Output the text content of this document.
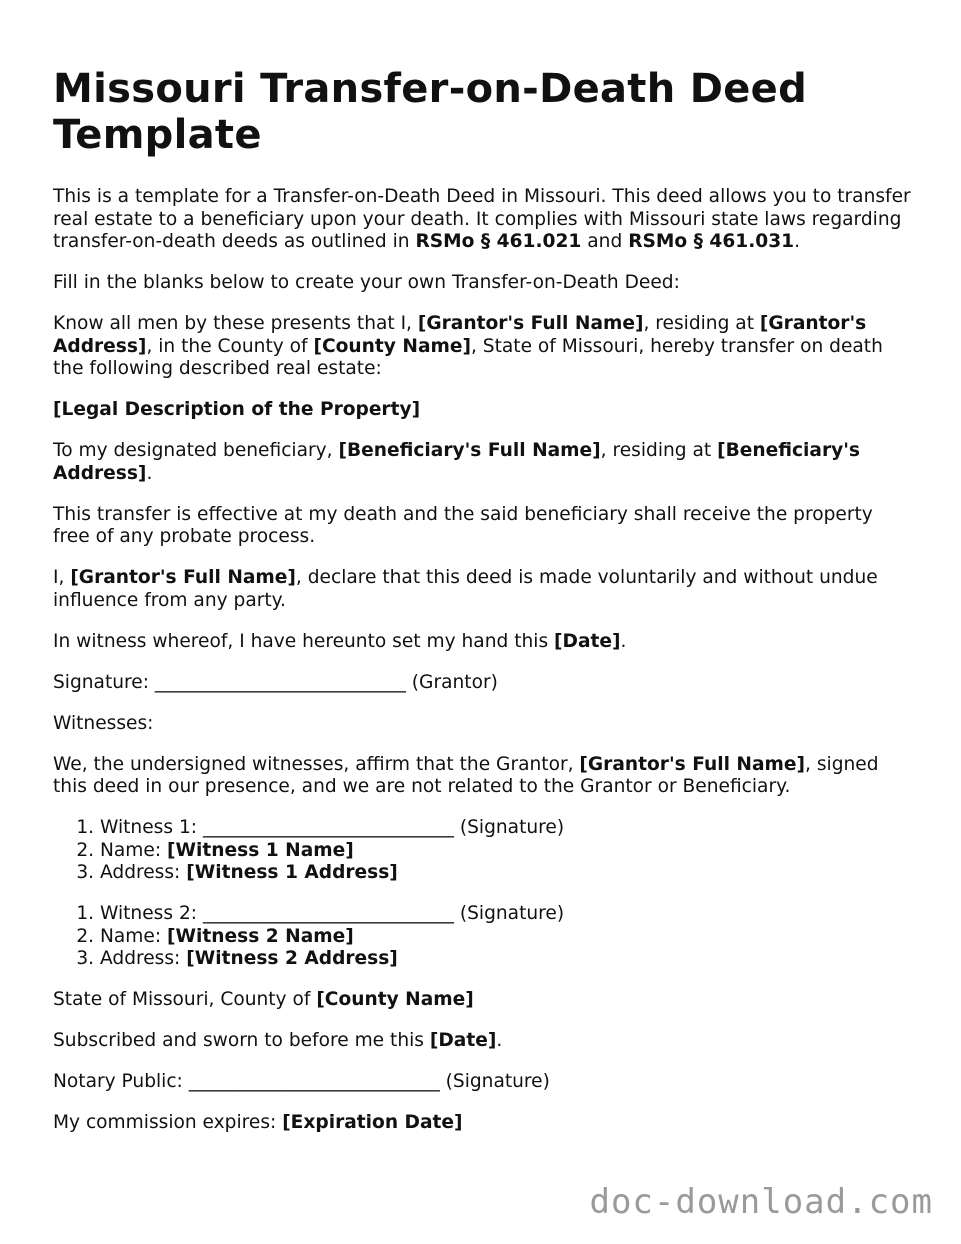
Missouri Transfer-on-Death Deed Template

This is a template for a Transfer-on-Death Deed in Missouri. This deed allows you to transfer real estate to a beneficiary upon your death. It complies with Missouri state laws regarding transfer-on-death deeds as outlined in RSMo § 461.021 and RSMo § 461.031.

Fill in the blanks below to create your own Transfer-on-Death Deed:

Know all men by these presents that I, [Grantor's Full Name], residing at [Grantor's Address], in the County of [County Name], State of Missouri, hereby transfer on death the following described real estate:

[Legal Description of the Property]

To my designated beneficiary, [Beneficiary's Full Name], residing at [Beneficiary's Address].

This transfer is effective at my death and the said beneficiary shall receive the property free of any probate process.

I, [Grantor's Full Name], declare that this deed is made voluntarily and without undue influence from any party.

In witness whereof, I have hereunto set my hand this [Date].

Signature: ___________________________ (Grantor)

Witnesses:

We, the undersigned witnesses, affirm that the Grantor, [Grantor's Full Name], signed this deed in our presence, and we are not related to the Grantor or Beneficiary.

1. Witness 1: ___________________________ (Signature)
2. Name: [Witness 1 Name]
3. Address: [Witness 1 Address]
1. Witness 2: ___________________________ (Signature)
2. Name: [Witness 2 Name]
3. Address: [Witness 2 Address]

State of Missouri, County of [County Name]

Subscribed and sworn to before me this [Date].

Notary Public: ___________________________ (Signature)

My commission expires: [Expiration Date]

doc-download.com
